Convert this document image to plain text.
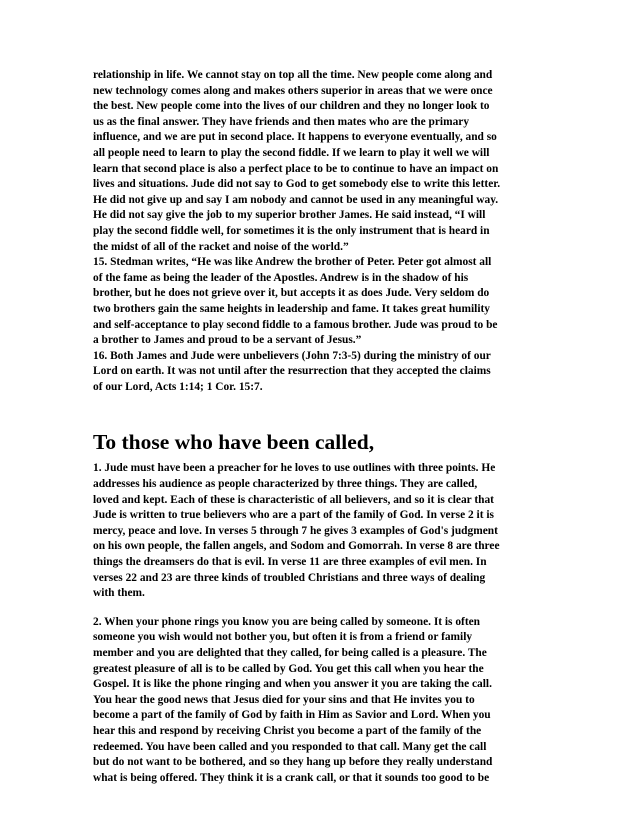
relationship in life. We cannot stay on top all the time. New people come along and
new technology comes along and makes others superior in areas that we were once
the best. New people come into the lives of our children and they no longer look to
us as the final answer. They have friends and then mates who are the primary
influence, and we are put in second place. It happens to everyone eventually, and so
all people need to learn to play the second fiddle. If we learn to play it well we will
learn that second place is also a perfect place to be to continue to have an impact on
lives and situations. Jude did not say to God to get somebody else to write this letter.
He did not give up and say I am nobody and cannot be used in any meaningful way.
He did not say give the job to my superior brother James. He said instead, “I will
play the second fiddle well, for sometimes it is the only instrument that is heard in
the midst of all of the racket and noise of the world.”
15. Stedman writes, “He was like Andrew the brother of Peter. Peter got almost all
of the fame as being the leader of the Apostles. Andrew is in the shadow of his
brother, but he does not grieve over it, but accepts it as does Jude. Very seldom do
two brothers gain the same heights in leadership and fame. It takes great humility
and self-acceptance to play second fiddle to a famous brother. Jude was proud to be
a brother to James and proud to be a servant of Jesus.”
16. Both James and Jude were unbelievers (John 7:3-5) during the ministry of our
Lord on earth. It was not until after the resurrection that they accepted the claims
of our Lord, Acts 1:14; 1 Cor. 15:7.
To those who have been called,
1. Jude must have been a preacher for he loves to use outlines with three points. He
addresses his audience as people characterized by three things. They are called,
loved and kept. Each of these is characteristic of all believers, and so it is clear that
Jude is written to true believers who are a part of the family of God. In verse 2 it is
mercy, peace and love. In verses 5 through 7 he gives 3 examples of God's judgment
on his own people, the fallen angels, and Sodom and Gomorrah. In verse 8 are three
things the dreamsers do that is evil. In verse 11 are three examples of evil men. In
verses 22 and 23 are three kinds of troubled Christians and three ways of dealing
with them.
2. When your phone rings you know you are being called by someone. It is often
someone you wish would not bother you, but often it is from a friend or family
member and you are delighted that they called, for being called is a pleasure. The
greatest pleasure of all is to be called by God. You get this call when you hear the
Gospel. It is like the phone ringing and when you answer it you are taking the call.
You hear the good news that Jesus died for your sins and that He invites you to
become a part of the family of God by faith in Him as Savior and Lord. When you
hear this and respond by receiving Christ you become a part of the family of the
redeemed. You have been called and you responded to that call. Many get the call
but do not want to be bothered, and so they hang up before they really understand
what is being offered. They think it is a crank call, or that it sounds too good to be
